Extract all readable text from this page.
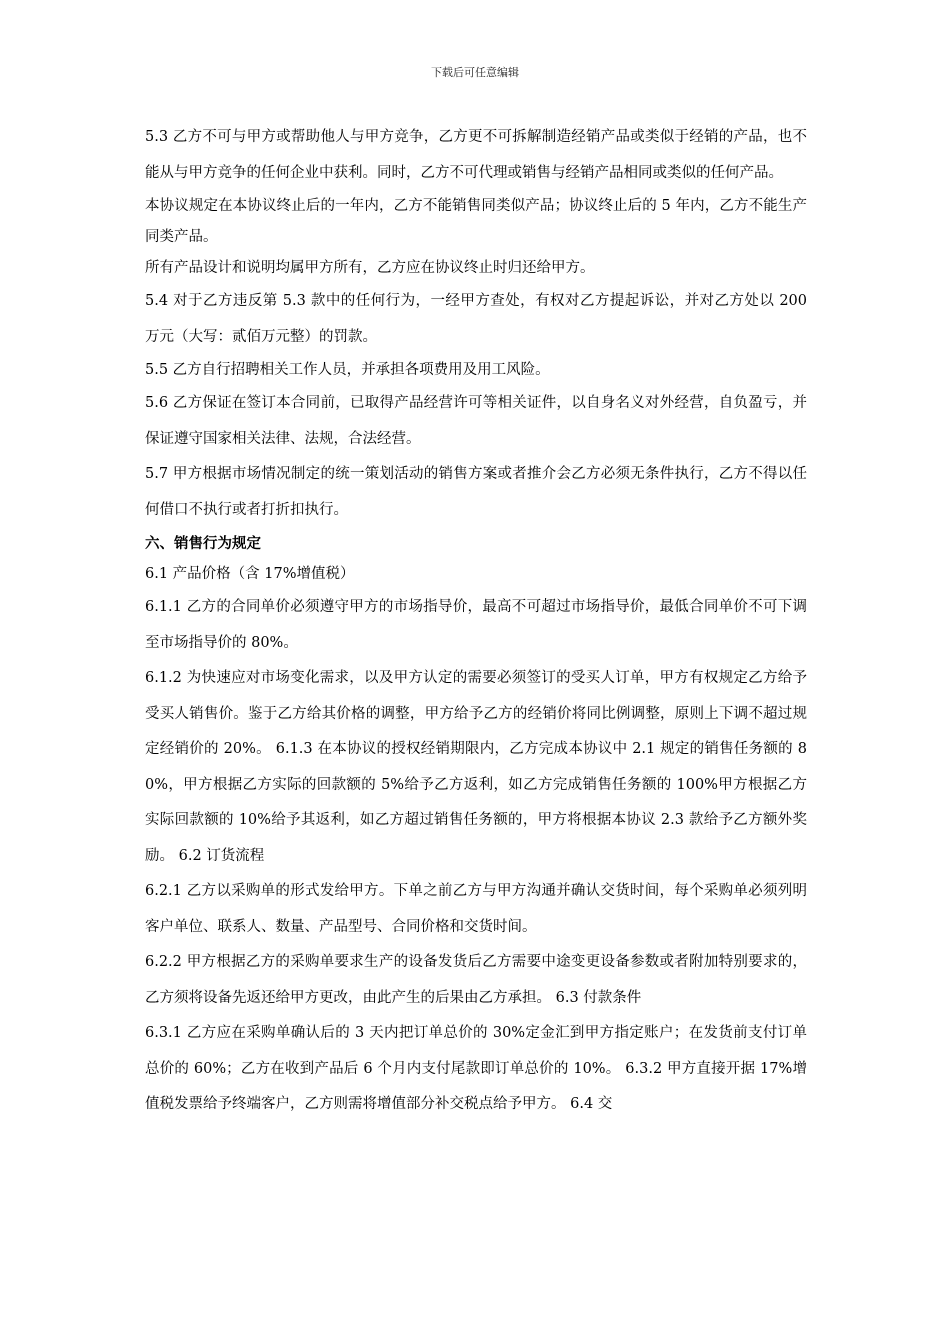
下载后可任意编辑

5.3 乙方不可与甲方或帮助他人与甲方竞争，乙方更不可拆解制造经销产品或类似于经销的产品，也不能从与甲方竞争的任何企业中获利。同时，乙方不可代理或销售与经销产品相同或类似的任何产品。

本协议规定在本协议终止后的一年内，乙方不能销售同类似产品；协议终止后的 5 年内，乙方不能生产同类产品。

所有产品设计和说明均属甲方所有，乙方应在协议终止时归还给甲方。

5.4 对于乙方违反第 5.3 款中的任何行为，一经甲方查处，有权对乙方提起诉讼，并对乙方处以 200 万元（大写：贰佰万元整）的罚款。

5.5 乙方自行招聘相关工作人员，并承担各项费用及用工风险。

5.6 乙方保证在签订本合同前，已取得产品经营许可等相关证件，以自身名义对外经营，自负盈亏，并保证遵守国家相关法律、法规，合法经营。

5.7 甲方根据市场情况制定的统一策划活动的销售方案或者推介会乙方必须无条件执行，乙方不得以任何借口不执行或者打折扣执行。

六、销售行为规定

6.1 产品价格（含 17%增值税）

6.1.1 乙方的合同单价必须遵守甲方的市场指导价，最高不可超过市场指导价，最低合同单价不可下调至市场指导价的 80%。

6.1.2 为快速应对市场变化需求，以及甲方认定的需要必须签订的受买人订单，甲方有权规定乙方给予受买人销售价。鉴于乙方给其价格的调整，甲方给予乙方的经销价将同比例调整，原则上下调不超过规定经销价的 20%。 6.1.3 在本协议的授权经销期限内，乙方完成本协议中 2.1 规定的销售任务额的 80%，甲方根据乙方实际的回款额的 5%给予乙方返利，如乙方完成销售任务额的 100%甲方根据乙方实际回款额的 10%给予其返利，如乙方超过销售任务额的，甲方将根据本协议 2.3 款给予乙方额外奖励。 6.2 订货流程

6.2.1 乙方以采购单的形式发给甲方。下单之前乙方与甲方沟通并确认交货时间，每个采购单必须列明客户单位、联系人、数量、产品型号、合同价格和交货时间。

6.2.2 甲方根据乙方的采购单要求生产的设备发货后乙方需要中途变更设备参数或者附加特别要求的，乙方须将设备先返还给甲方更改，由此产生的后果由乙方承担。 6.3 付款条件

6.3.1 乙方应在采购单确认后的 3 天内把订单总价的 30%定金汇到甲方指定账户；在发货前支付订单总价的 60%；乙方在收到产品后 6 个月内支付尾款即订单总价的 10%。 6.3.2 甲方直接开据 17%增值税发票给予终端客户，乙方则需将增值部分补交税点给予甲方。 6.4 交
